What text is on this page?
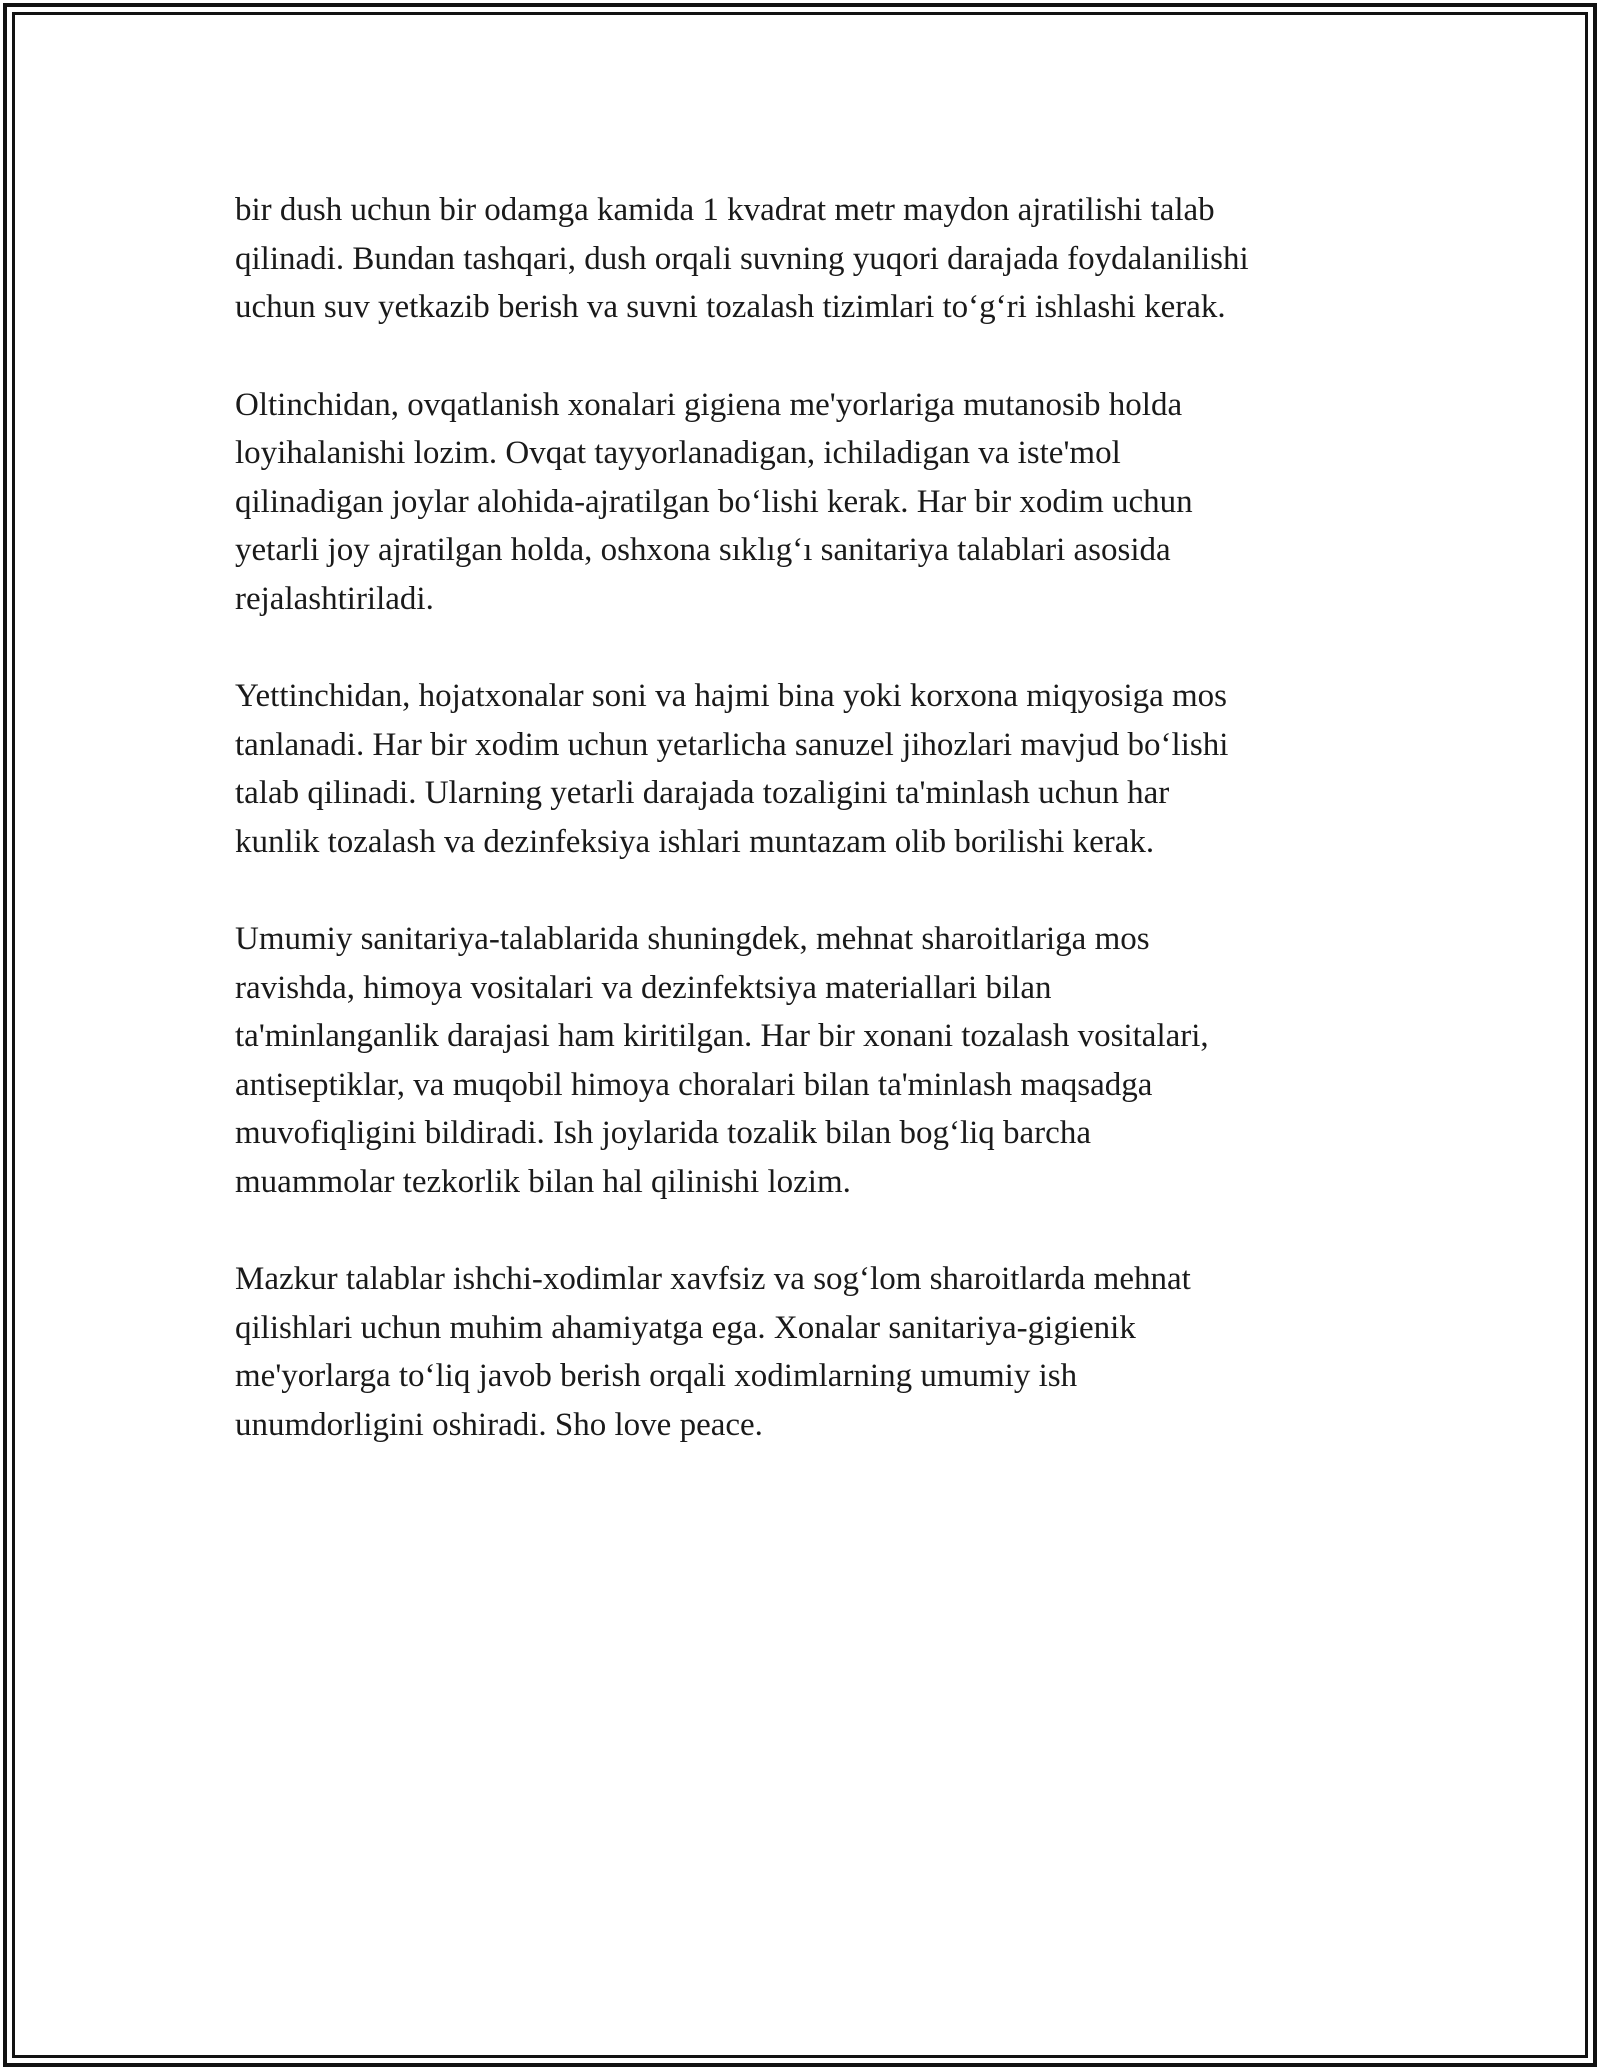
bir dush uchun bir odamga kamida 1 kvadrat metr maydon ajratilishi talab
qilinadi. Bundan tashqari, dush orqali suvning yuqori darajada foydalanilishi
uchun suv yetkazib berish va suvni tozalash tizimlari to‘g‘ri ishlashi kerak.

Oltinchidan, ovqatlanish xonalari gigiena me'yorlariga mutanosib holda
loyihalanishi lozim. Ovqat tayyorlanadigan, ichiladigan va iste'mol
qilinadigan joylar alohida-ajratilgan bo‘lishi kerak. Har bir xodim uchun
yetarli joy ajratilgan holda, oshxona sıklıg‘ı sanitariya talablari asosida
rejalashtiriladi.

Yettinchidan, hojatxonalar soni va hajmi bina yoki korxona miqyosiga mos
tanlanadi. Har bir xodim uchun yetarlicha sanuzel jihozlari mavjud bo‘lishi
talab qilinadi. Ularning yetarli darajada tozaligini ta'minlash uchun har
kunlik tozalash va dezinfeksiya ishlari muntazam olib borilishi kerak.

Umumiy sanitariya-talablarida shuningdek, mehnat sharoitlariga mos
ravishda, himoya vositalari va dezinfektsiya materiallari bilan
ta'minlanganlik darajasi ham kiritilgan. Har bir xonani tozalash vositalari,
antiseptiklar, va muqobil himoya choralari bilan ta'minlash maqsadga
muvofiqligini bildiradi. Ish joylarida tozalik bilan bog‘liq barcha
muammolar tezkorlik bilan hal qilinishi lozim.

Mazkur talablar ishchi-xodimlar xavfsiz va sog‘lom sharoitlarda mehnat
qilishlari uchun muhim ahamiyatga ega. Xonalar sanitariya-gigienik
me'yorlarga to‘liq javob berish orqali xodimlarning umumiy ish
unumdorligini oshiradi. Sho love peace.
